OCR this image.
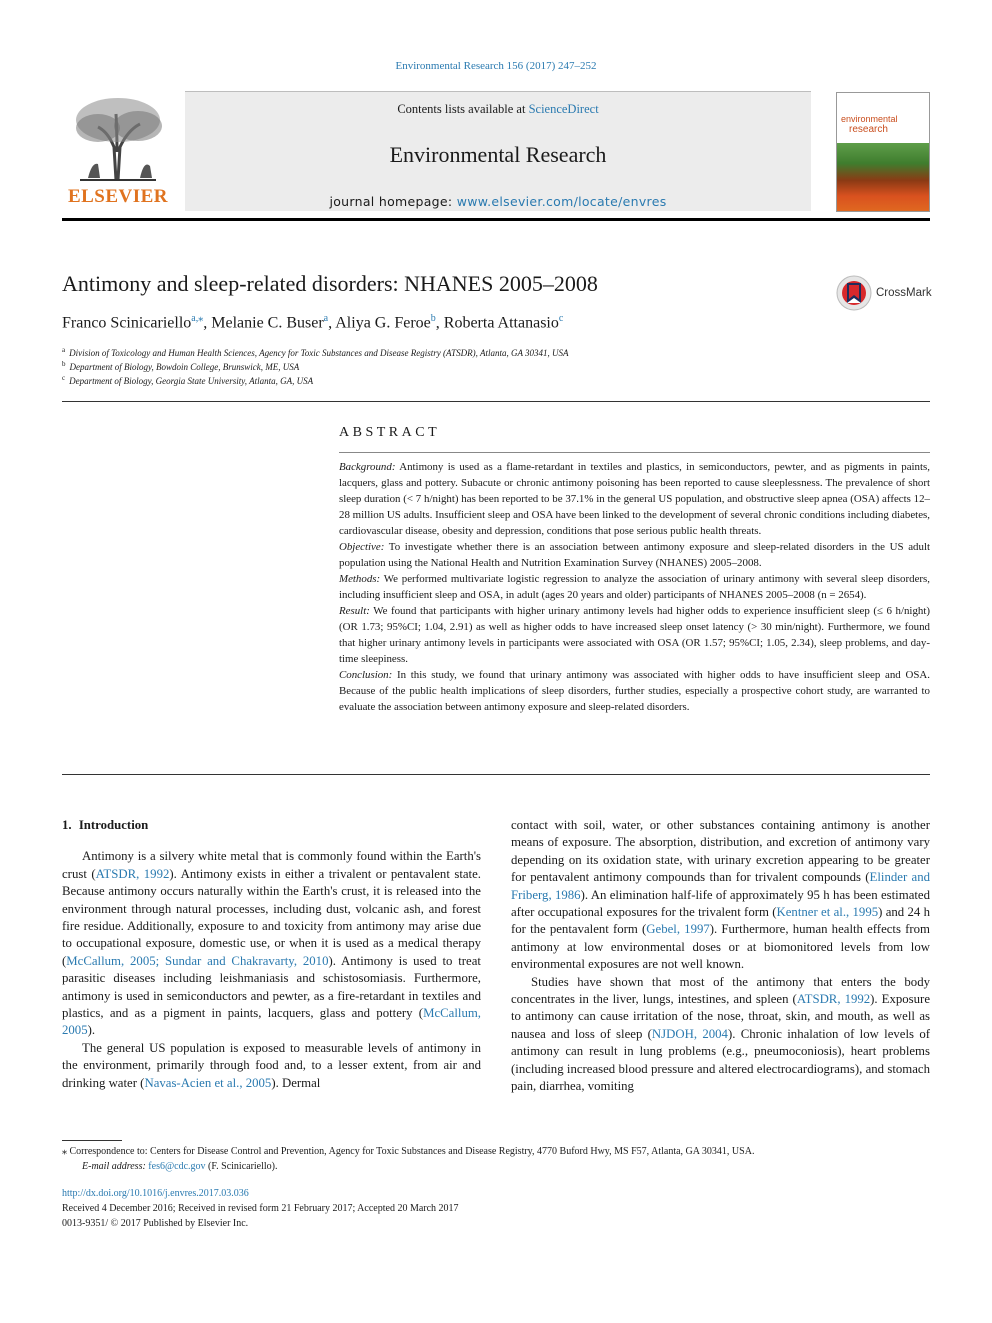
Environmental Research 156 (2017) 247–252
ELSEVIER
Contents lists available at ScienceDirect
Environmental Research
journal homepage: www.elsevier.com/locate/envres
environmental
research
Antimony and sleep-related disorders: NHANES 2005–2008	CrossMark
Franco Scinicariello$^{a,⁎}$, Melanie C. Buser$^a$, Aliya G. Feroe$^b$, Roberta Attanasio$^c$
$^a$ Division of Toxicology and Human Health Sciences, Agency for Toxic Substances and Disease Registry (ATSDR), Atlanta, GA 30341, USA
$^b$ Department of Biology, Bowdoin College, Brunswick, ME, USA
$^c$ Department of Biology, Georgia State University, Atlanta, GA, USA
ABSTRACT

Background: Antimony is used as a flame-retardant in textiles and plastics, in semiconductors, pewter, and as pigments in paints, lacquers, glass and pottery. Subacute or chronic antimony poisoning has been reported to cause sleeplessness. The prevalence of short sleep duration (< 7 h/night) has been reported to be 37.1% in the general US population, and obstructive sleep apnea (OSA) affects 12–28 million US adults. Insufficient sleep and OSA have been linked to the development of several chronic conditions including diabetes, cardiovascular disease, obesity and depression, conditions that pose serious public health threats.

Objective: To investigate whether there is an association between antimony exposure and sleep-related disorders in the US adult population using the National Health and Nutrition Examination Survey (NHANES) 2005–2008.

Methods: We performed multivariate logistic regression to analyze the association of urinary antimony with several sleep disorders, including insufficient sleep and OSA, in adult (ages 20 years and older) participants of NHANES 2005–2008 (n = 2654).

Result: We found that participants with higher urinary antimony levels had higher odds to experience insufficient sleep (≤ 6 h/night) (OR 1.73; 95%CI; 1.04, 2.91) as well as higher odds to have increased sleep onset latency (> 30 min/night). Furthermore, we found that higher urinary antimony levels in participants were associated with OSA (OR 1.57; 95%CI; 1.05, 2.34), sleep problems, and day-time sleepiness.

Conclusion: In this study, we found that urinary antimony was associated with higher odds to have insufficient sleep and OSA. Because of the public health implications of sleep disorders, further studies, especially a prospective cohort study, are warranted to evaluate the association between antimony exposure and sleep-related disorders.

1. Introduction

Antimony is a silvery white metal that is commonly found within the Earth's crust (ATSDR, 1992). Antimony exists in either a trivalent or pentavalent state. Because antimony occurs naturally within the Earth's crust, it is released into the environment through natural processes, including dust, volcanic ash, and forest fire residue. Additionally, exposure to and toxicity from antimony may arise due to occupational exposure, domestic use, or when it is used as a medical therapy (McCallum, 2005; Sundar and Chakravarty, 2010). Antimony is used to treat parasitic diseases including leishmaniasis and schistosomiasis. Furthermore, antimony is used in semiconductors and pewter, as a fire-retardant in textiles and plastics, and as a pigment in paints, lacquers, glass and pottery (McCallum, 2005).

The general US population is exposed to measurable levels of antimony in the environment, primarily through food and, to a lesser extent, from air and drinking water (Navas-Acien et al., 2005). Dermal

contact with soil, water, or other substances containing antimony is another means of exposure. The absorption, distribution, and excretion of antimony vary depending on its oxidation state, with urinary excretion appearing to be greater for pentavalent antimony compounds than for trivalent compounds (Elinder and Friberg, 1986). An elimination half-life of approximately 95 h has been estimated after occupational exposures for the trivalent form (Kentner et al., 1995) and 24 h for the pentavalent form (Gebel, 1997). Furthermore, human health effects from antimony at low environmental doses or at biomonitored levels from low environmental exposures are not well known.

Studies have shown that most of the antimony that enters the body concentrates in the liver, lungs, intestines, and spleen (ATSDR, 1992). Exposure to antimony can cause irritation of the nose, throat, skin, and mouth, as well as nausea and loss of sleep (NJDOH, 2004). Chronic inhalation of low levels of antimony can result in lung problems (e.g., pneumoconiosis), heart problems (including increased blood pressure and altered electrocardiograms), and stomach pain, diarrhea, vomiting

⁎ Correspondence to: Centers for Disease Control and Prevention, Agency for Toxic Substances and Disease Registry, 4770 Buford Hwy, MS F57, Atlanta, GA 30341, USA.
E-mail address: fes6@cdc.gov (F. Scinicariello).
http://dx.doi.org/10.1016/j.envres.2017.03.036
Received 4 December 2016; Received in revised form 21 February 2017; Accepted 20 March 2017
0013-9351/ © 2017 Published by Elsevier Inc.
